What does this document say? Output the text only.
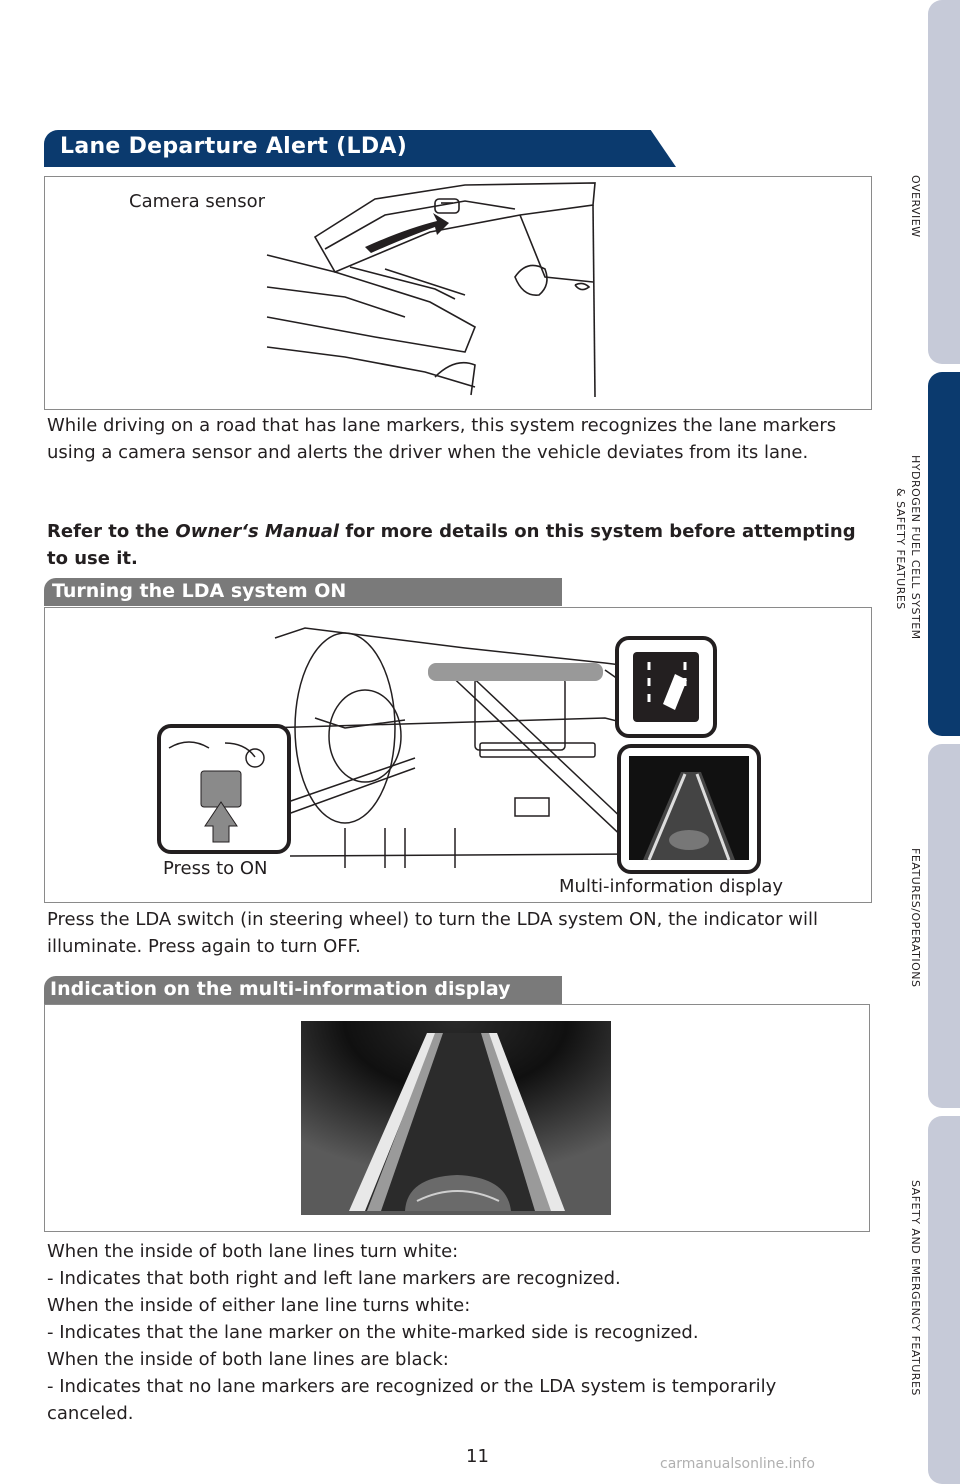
Lane Departure Alert (LDA)
Camera sensor
While driving on a road that has lane markers, this system recognizes the lane markers using a camera sensor and alerts the driver when the vehicle deviates from its lane.
Refer to the Owner‘s Manual for more details on this system before attempting to use it.
Turning the LDA system ON
Press to ON
Multi-information display
Press the LDA switch (in steering wheel) to turn the LDA system ON, the indicator will illuminate. Press again to turn OFF.
Indication on the multi-information display
When the inside of both lane lines turn white:
- Indicates that both right and left lane markers are recognized.
When the inside of either lane line turns white:
- Indicates that the lane marker on the white-marked side is recognized.
When the inside of both lane lines are black:
- Indicates that no lane markers are recognized or the LDA system is temporarily
canceled.
OVERVIEW
HYDROGEN FUEL CELL SYSTEM
& SAFETY FEATURES
FEATURES/OPERATIONS
SAFETY AND EMERGENCY FEATURES
11	carmanualsonline.info
